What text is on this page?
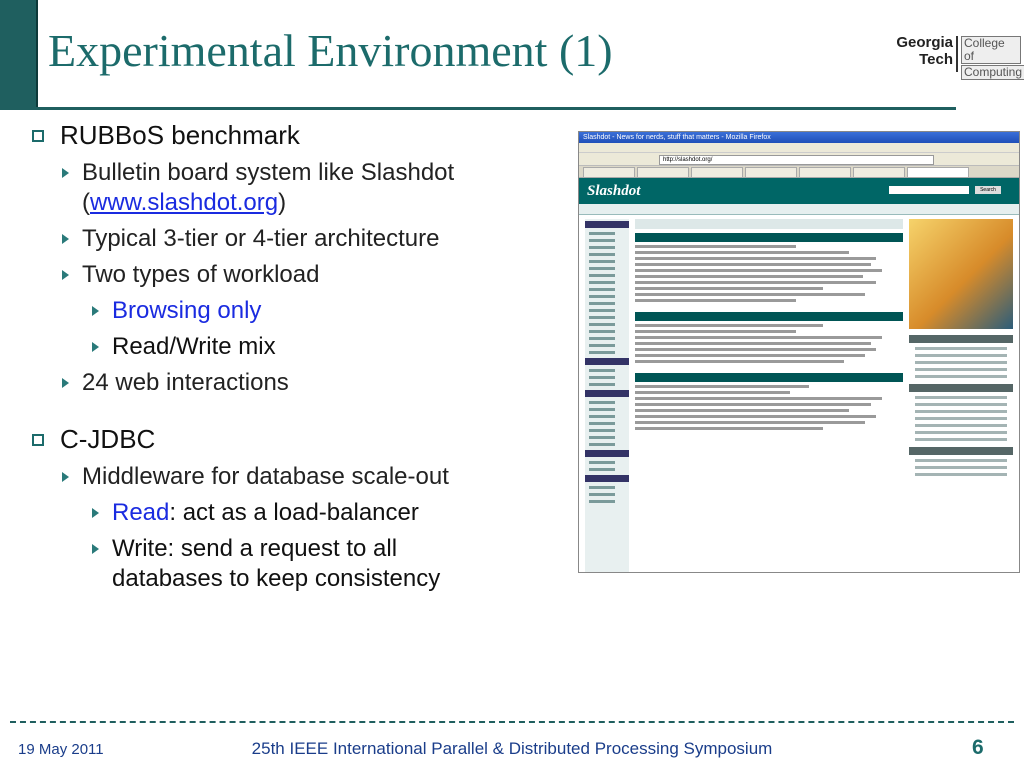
Experimental Environment (1)	Georgia
Tech
College of
Computing
RUBBoS benchmark
Bulletin board system like Slashdot
(www.slashdot.org)
Typical 3-tier or 4-tier architecture
Two types of workload
Browsing only
Read/Write mix
24 web interactions
C-JDBC
Middleware for database scale-out
Read: act as a load-balancer
Write: send a request to all
databases to keep consistency
Slashdot - News for nerds, stuff that matters - Mozilla Firefox
http://slashdot.org/
Slashdot	Search
19 May 2011	25th IEEE International Parallel & Distributed Processing Symposium	6
